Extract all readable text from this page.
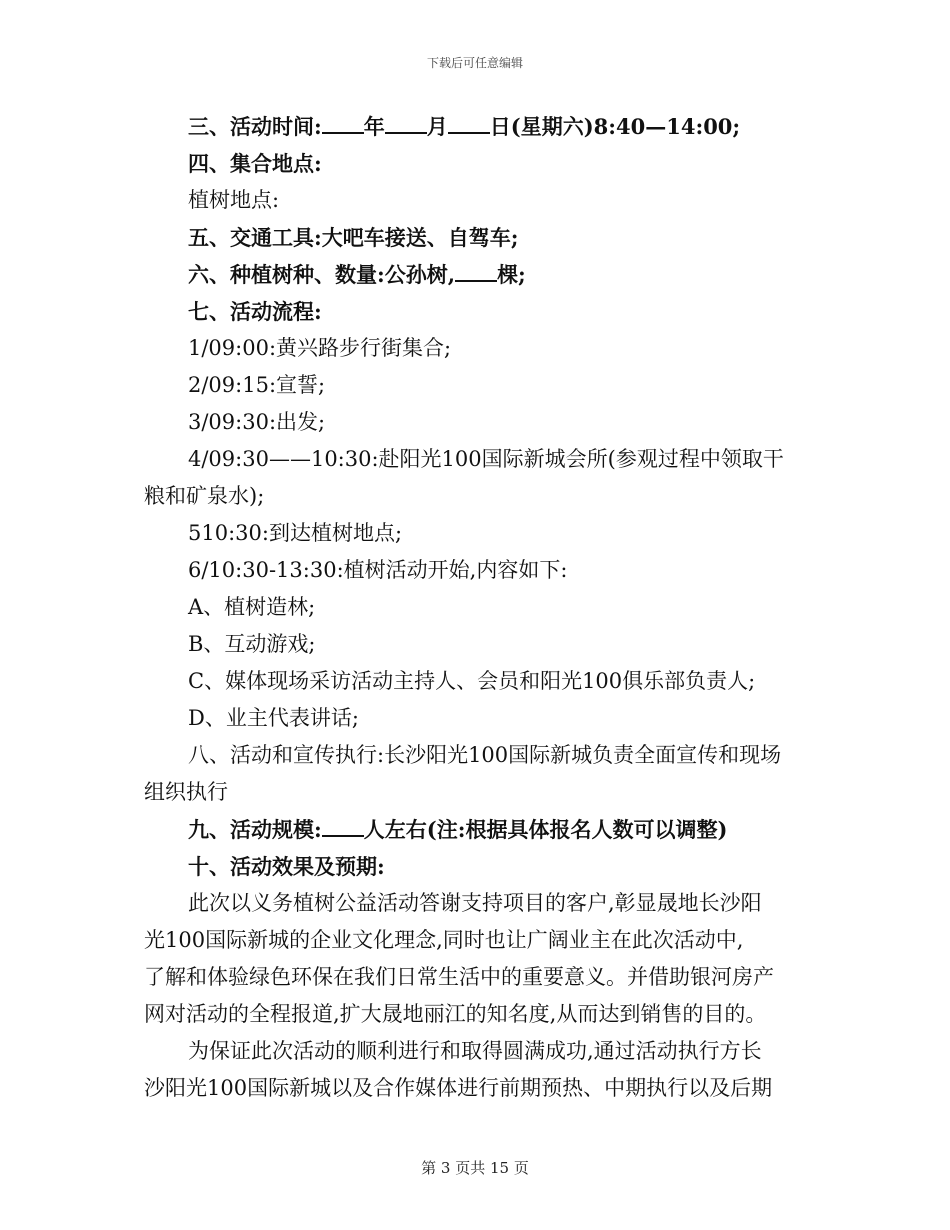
下载后可任意编辑
三、活动时间: 年 月 日(星期六)8:40—14:00;
四、集合地点:
植树地点:
五、交通工具:大吧车接送、自驾车;
六、种植树种、数量:公孙树, 棵;
七、活动流程:
1/09:00:黄兴路步行街集合;
2/09:15:宣誓;
3/09:30:出发;
4/09:30——10:30:赴阳光100国际新城会所(参观过程中领取干
粮和矿泉水);
510:30:到达植树地点;
6/10:30-13:30:植树活动开始,内容如下:
A、植树造林;
B、互动游戏;
C、媒体现场采访活动主持人、会员和阳光100俱乐部负责人;
D、业主代表讲话;
八、活动和宣传执行:长沙阳光100国际新城负责全面宣传和现场
组织执行
九、活动规模: 人左右(注:根据具体报名人数可以调整)
十、活动效果及预期:
此次以义务植树公益活动答谢支持项目的客户,彰显晟地长沙阳
光100国际新城的企业文化理念,同时也让广阔业主在此次活动中,
了解和体验绿色环保在我们日常生活中的重要意义。并借助银河房产
网对活动的全程报道,扩大晟地丽江的知名度,从而达到销售的目的。
为保证此次活动的顺利进行和取得圆满成功,通过活动执行方长
沙阳光100国际新城以及合作媒体进行前期预热、中期执行以及后期
第 3 页共 15 页
